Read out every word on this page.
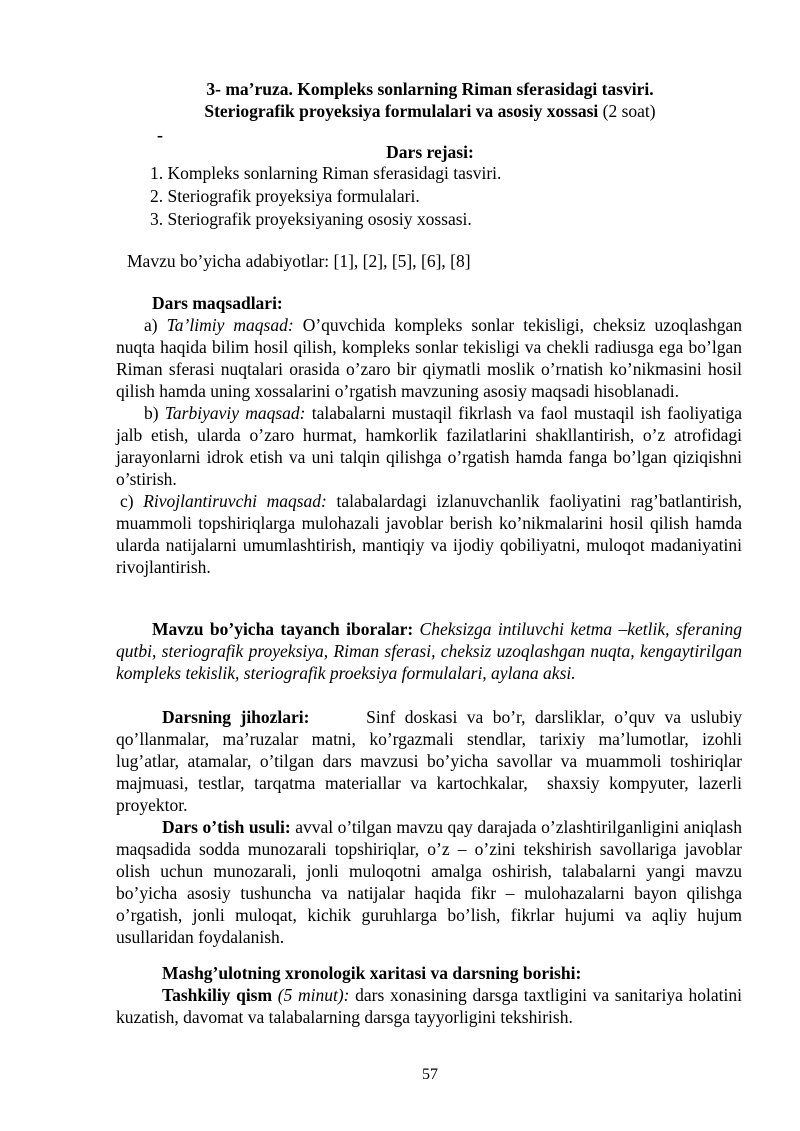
3- ma’ruza. Kompleks sonlarning Riman sferasidagi tasviri.
Steriografik proyeksiya formulalari va asosiy xossasi (2 soat)
-
Dars rejasi:
1. Kompleks sonlarning Riman sferasidagi tasviri.
2. Steriografik proyeksiya formulalari.
3. Steriografik proyeksiyaning ososiy xossasi.
Mavzu bo’yicha adabiyotlar: [1], [2], [5], [6], [8]

Dars maqsadlari:

a) Ta’limiy maqsad: O’quvchida kompleks sonlar tekisligi, cheksiz uzoqlashgan nuqta haqida bilim hosil qilish, kompleks sonlar tekisligi va chekli radiusga ega bo’lgan Riman sferasi nuqtalari orasida o’zaro bir qiymatli moslik o’rnatish ko’nikmasini hosil qilish hamda uning xossalarini o’rgatish mavzuning asosiy maqsadi hisoblanadi.

b) Tarbiyaviy maqsad: talabalarni mustaqil fikrlash va faol mustaqil ish faoliyatiga jalb etish, ularda o’zaro hurmat, hamkorlik fazilatlarini shakllantirish, o’z atrofidagi jarayonlarni idrok etish va uni talqin qilishga o’rgatish hamda fanga bo’lgan qiziqishni o’stirish.

c) Rivojlantiruvchi maqsad: talabalardagi izlanuvchanlik faoliyatini rag’batlantirish, muammoli topshiriqlarga mulohazali javoblar berish ko’nikmalarini hosil qilish hamda ularda natijalarni umumlashtirish, mantiqiy va ijodiy qobiliyatni, muloqot madaniyatini rivojlantirish.

Mavzu bo’yicha tayanch iboralar: Cheksizga intiluvchi ketma –ketlik, sferaning qutbi, steriografik proyeksiya, Riman sferasi, cheksiz uzoqlashgan nuqta, kengaytirilgan kompleks tekislik, steriografik proeksiya formulalari, aylana aksi.

Darsning jihozlari:      Sinf doskasi va bo’r, darsliklar, o’quv va uslubiy qo’llanmalar, ma’ruzalar matni, ko’rgazmali stendlar, tarixiy ma’lumotlar, izohli lug’atlar, atamalar, o’tilgan dars mavzusi bo’yicha savollar va muammoli toshiriqlar majmuasi, testlar, tarqatma materiallar va kartochkalar,  shaxsiy kompyuter, lazerli proyektor.

Dars o’tish usuli: avval o’tilgan mavzu qay darajada o’zlashtirilganligini aniqlash maqsadida sodda munozarali topshiriqlar, o’z – o’zini tekshirish savollariga javoblar olish uchun munozarali, jonli muloqotni amalga oshirish, talabalarni yangi mavzu bo’yicha asosiy tushuncha va natijalar haqida fikr – mulohazalarni bayon qilishga o’rgatish, jonli muloqat, kichik guruhlarga bo’lish, fikrlar hujumi va aqliy hujum usullaridan foydalanish.

Mashg’ulotning xronologik xaritasi va darsning borishi:

Tashkiliy qism (5 minut): dars xonasining darsga taxtligini va sanitariya holatini kuzatish, davomat va talabalarning darsga tayyorligini tekshirish.

57
